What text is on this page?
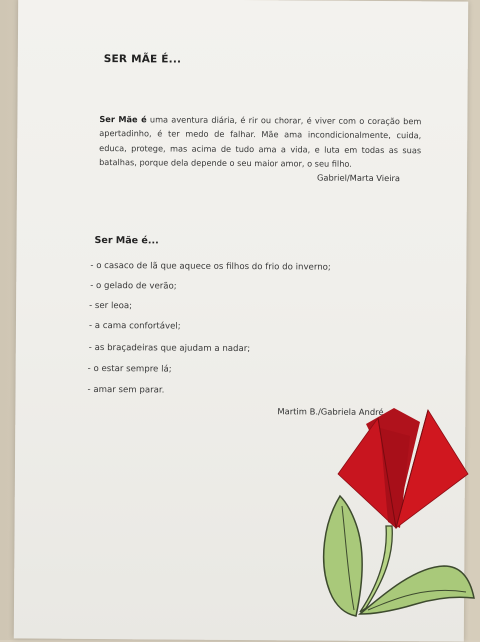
SER MÃE É...
Ser Mãe é uma aventura diária, é rir ou chorar, é viver com o coração bem apertadinho, é ter medo de falhar. Mãe ama incondicionalmente, cuida, educa, protege, mas acima de tudo ama a vida, e luta em todas as suas batalhas, porque dela depende o seu maior amor, o seu filho.
Gabriel/Marta Vieira
Ser Mãe é...
- o casaco de lã que aquece os filhos do frio do inverno;
- o gelado de verão;
- ser leoa;
- a cama confortável;
- as braçadeiras que ajudam a nadar;
- o estar sempre lá;
- amar sem parar.
Martim B./Gabriela André
